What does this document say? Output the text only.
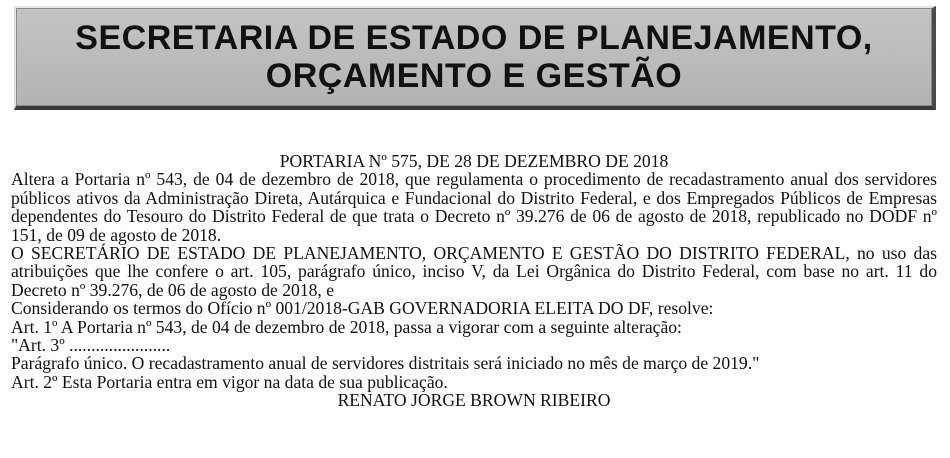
SECRETARIA DE ESTADO DE PLANEJAMENTO,
ORÇAMENTO E GESTÃO

PORTARIA Nº 575, DE 28 DE DEZEMBRO DE 2018

Altera a Portaria nº 543, de 04 de dezembro de 2018, que regulamenta o procedimento de recadastramento anual dos servidores públicos ativos da Administração Direta, Autárquica e Fundacional do Distrito Federal, e dos Empregados Públicos de Empresas dependentes do Tesouro do Distrito Federal de que trata o Decreto nº 39.276 de 06 de agosto de 2018, republicado no DODF nº 151, de 09 de agosto de 2018.

O SECRETÁRIO DE ESTADO DE PLANEJAMENTO, ORÇAMENTO E GESTÃO DO DISTRITO FEDERAL, no uso das atribuições que lhe confere o art. 105, parágrafo único, inciso V, da Lei Orgânica do Distrito Federal, com base no art. 11 do Decreto nº 39.276, de 06 de agosto de 2018, e

Considerando os termos do Ofício nº 001/2018-GAB GOVERNADORIA ELEITA DO DF, resolve:

Art. 1º A Portaria nº 543, de 04 de dezembro de 2018, passa a vigorar com a seguinte alteração:

"Art. 3º .......................

Parágrafo único. O recadastramento anual de servidores distritais será iniciado no mês de março de 2019."

Art. 2º Esta Portaria entra em vigor na data de sua publicação.

RENATO JORGE BROWN RIBEIRO
